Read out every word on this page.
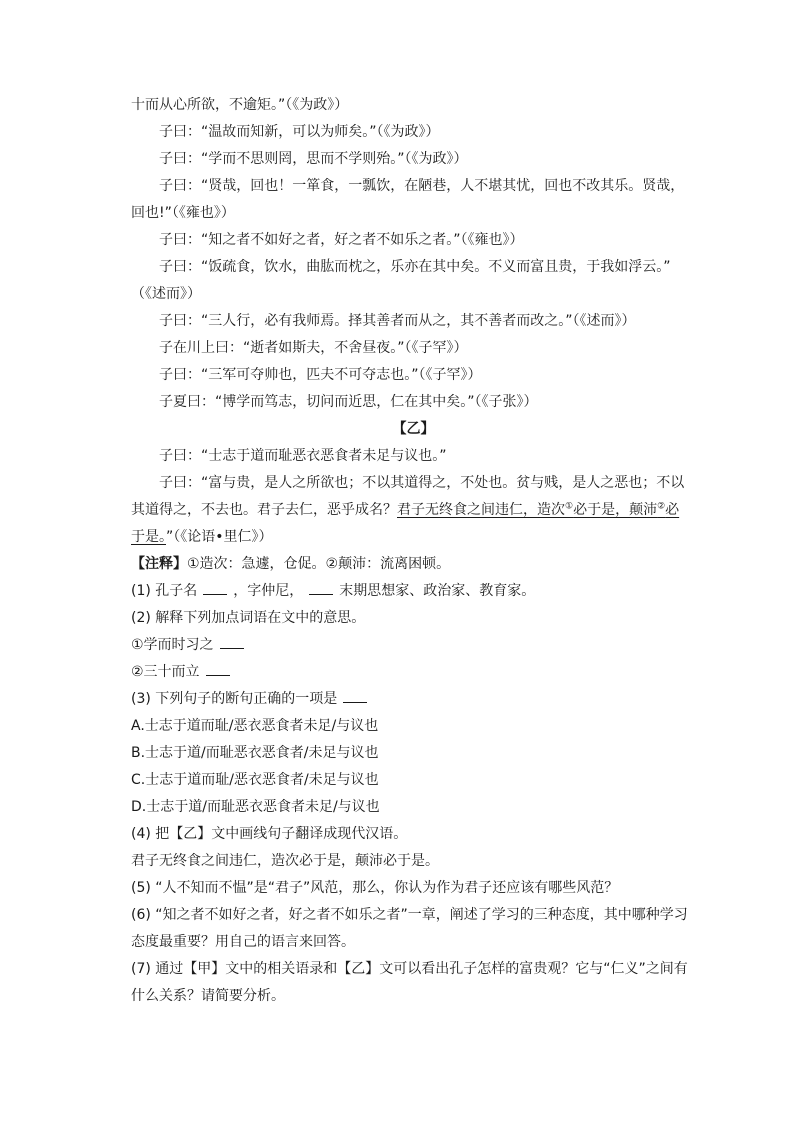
十而从心所欲，不逾矩。”（《为政》）
子曰：“温故而知新，可以为师矣。”（《为政》）
子曰：“学而不思则罔，思而不学则殆。”（《为政》）
子曰：“贤哉，回也！一箪食，一瓢饮，在陋巷，人不堪其忧，回也不改其乐。贤哉，
回也!”（《雍也》）
子曰：“知之者不如好之者，好之者不如乐之者。”（《雍也》）
子曰：“饭疏食，饮水，曲肱而枕之，乐亦在其中矣。不义而富且贵，于我如浮云。”
（《述而》）
子曰：“三人行，必有我师焉。择其善者而从之，其不善者而改之。”（《述而》）
子在川上曰：“逝者如斯夫，不舍昼夜。”（《子罕》）
子曰：“三军可夺帅也，匹夫不可夺志也。”（《子罕》）
子夏曰：“博学而笃志，切问而近思，仁在其中矣。”（《子张》）
【乙】
子曰：“士志于道而耻恶衣恶食者未足与议也。”
子曰：“富与贵，是人之所欲也；不以其道得之，不处也。贫与贱，是人之恶也；不以
其道得之，不去也。君子去仁，恶乎成名？君子无终食之间违仁，造次①必于是，颠沛②必
于是。”（《论语•里仁》）
【注释】①造次：急遽，仓促。②颠沛：流离困顿。
(1) 孔子名	，字仲尼，	末期思想家、政治家、教育家。
(2) 解释下列加点词语在文中的意思。
①学而时习之
②三十而立
(3) 下列句子的断句正确的一项是
A.士志于道而耻/恶衣恶食者未足/与议也
B.士志于道/而耻恶衣恶食者/未足与议也
C.士志于道而耻/恶衣恶食者/未足与议也
D.士志于道/而耻恶衣恶食者未足/与议也
(4) 把【乙】文中画线句子翻译成现代汉语。
君子无终食之间违仁，造次必于是，颠沛必于是。
(5) “人不知而不愠”是“君子”风范，那么，你认为作为君子还应该有哪些风范？
(6) “知之者不如好之者，好之者不如乐之者”一章，阐述了学习的三种态度，其中哪种学习
态度最重要？用自己的语言来回答。
(7) 通过【甲】文中的相关语录和【乙】文可以看出孔子怎样的富贵观？它与“仁义”之间有
什么关系？请简要分析。
